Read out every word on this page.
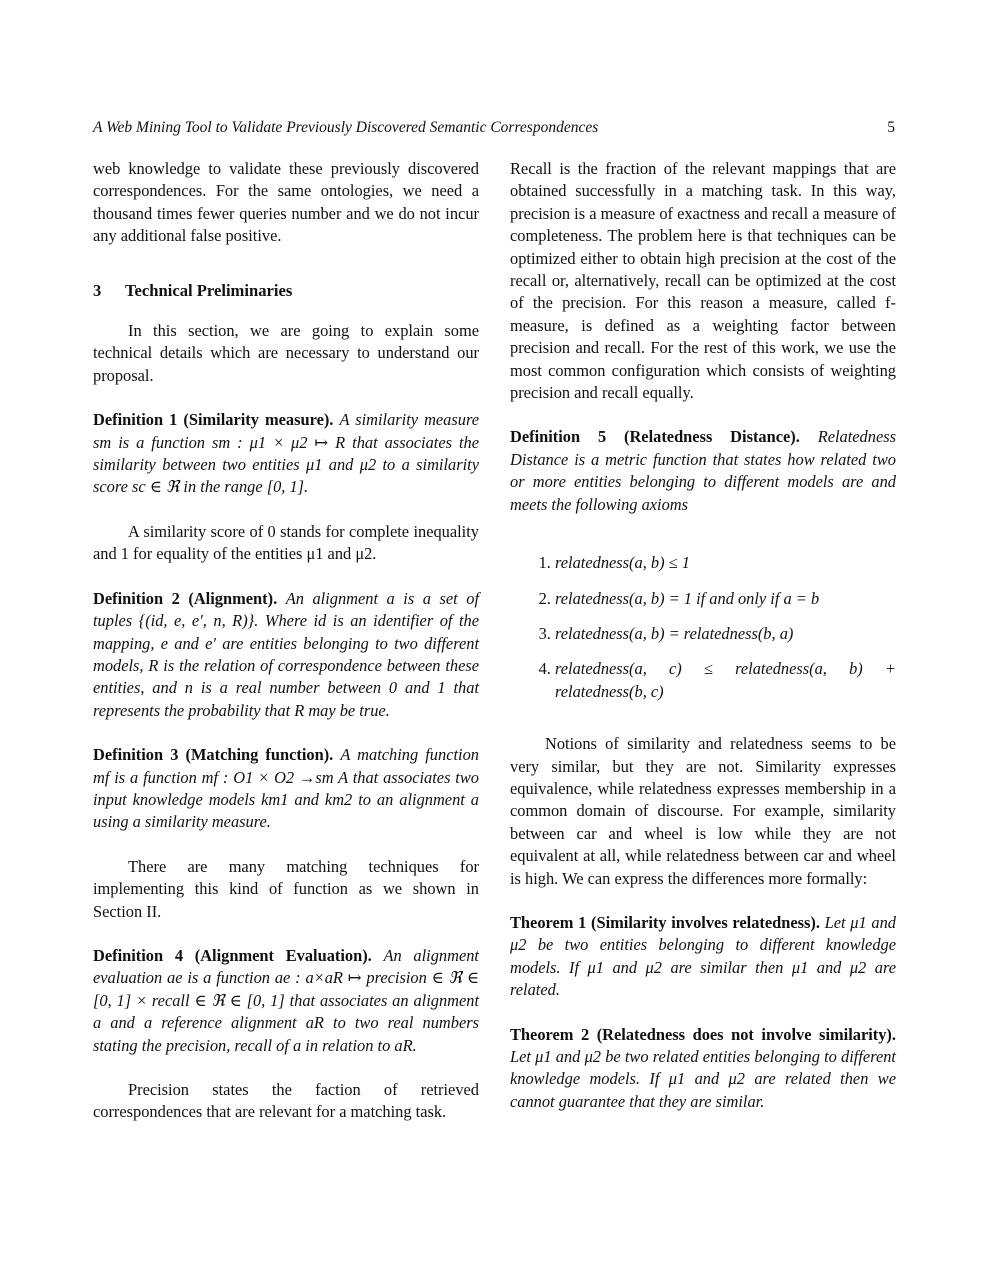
A Web Mining Tool to Validate Previously Discovered Semantic Correspondences	5

web knowledge to validate these previously discovered correspondences. For the same ontologies, we need a thousand times fewer queries number and we do not incur any additional false positive.

3 Technical Preliminaries

In this section, we are going to explain some technical details which are necessary to understand our proposal.

Definition 1 (Similarity measure). A similarity measure sm is a function sm : μ1 × μ2 ↦ R that associates the similarity between two entities μ1 and μ2 to a similarity score sc ∈ ℜ in the range [0, 1].

A similarity score of 0 stands for complete inequality and 1 for equality of the entities μ1 and μ2.

Definition 2 (Alignment). An alignment a is a set of tuples {(id, e, e′, n, R)}. Where id is an identifier of the mapping, e and e′ are entities belonging to two different models, R is the relation of correspondence between these entities, and n is a real number between 0 and 1 that represents the probability that R may be true.

Definition 3 (Matching function). A matching function mf is a function mf : O1 × O2 →sm A that associates two input knowledge models km1 and km2 to an alignment a using a similarity measure.

There are many matching techniques for implementing this kind of function as we shown in Section II.

Definition 4 (Alignment Evaluation). An alignment evaluation ae is a function ae : a×aR ↦ precision ∈ ℜ ∈ [0, 1] × recall ∈ ℜ ∈ [0, 1] that associates an alignment a and a reference alignment aR to two real numbers stating the precision, recall of a in relation to aR.

Precision states the faction of retrieved correspondences that are relevant for a matching task.

Recall is the fraction of the relevant mappings that are obtained successfully in a matching task. In this way, precision is a measure of exactness and recall a measure of completeness. The problem here is that techniques can be optimized either to obtain high precision at the cost of the recall or, alternatively, recall can be optimized at the cost of the precision. For this reason a measure, called f-measure, is defined as a weighting factor between precision and recall. For the rest of this work, we use the most common configuration which consists of weighting precision and recall equally.

Definition 5 (Relatedness Distance). Relatedness Distance is a metric function that states how related two or more entities belonging to different models are and meets the following axioms

1. relatedness(a, b) ≤ 1
2. relatedness(a, b) = 1 if and only if a = b
3. relatedness(a, b) = relatedness(b, a)
4. relatedness(a, c) ≤ relatedness(a, b) + relatedness(b, c)

Notions of similarity and relatedness seems to be very similar, but they are not. Similarity expresses equivalence, while relatedness expresses membership in a common domain of discourse. For example, similarity between car and wheel is low while they are not equivalent at all, while relatedness between car and wheel is high. We can express the differences more formally:

Theorem 1 (Similarity involves relatedness). Let μ1 and μ2 be two entities belonging to different knowledge models. If μ1 and μ2 are similar then μ1 and μ2 are related.

Theorem 2 (Relatedness does not involve similarity). Let μ1 and μ2 be two related entities belonging to different knowledge models. If μ1 and μ2 are related then we cannot guarantee that they are similar.
